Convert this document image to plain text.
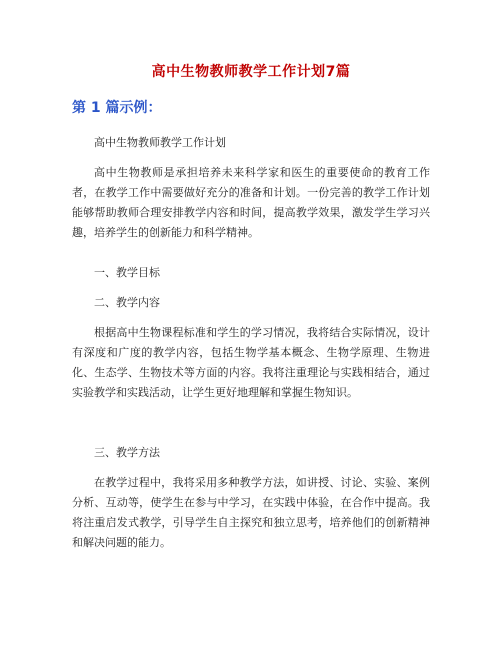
高中生物教师教学工作计划7篇
第 1 篇示例：

高中生物教师教学工作计划

高中生物教师是承担培养未来科学家和医生的重要使命的教育工作者，在教学工作中需要做好充分的准备和计划。一份完善的教学工作计划能够帮助教师合理安排教学内容和时间，提高教学效果，激发学生学习兴趣，培养学生的创新能力和科学精神。

一、教学目标

二、教学内容

根据高中生物课程标准和学生的学习情况，我将结合实际情况，设计有深度和广度的教学内容，包括生物学基本概念、生物学原理、生物进化、生态学、生物技术等方面的内容。我将注重理论与实践相结合，通过实验教学和实践活动，让学生更好地理解和掌握生物知识。

三、教学方法

在教学过程中，我将采用多种教学方法，如讲授、讨论、实验、案例分析、互动等，使学生在参与中学习，在实践中体验，在合作中提高。我将注重启发式教学，引导学生自主探究和独立思考，培养他们的创新精神和解决问题的能力。
